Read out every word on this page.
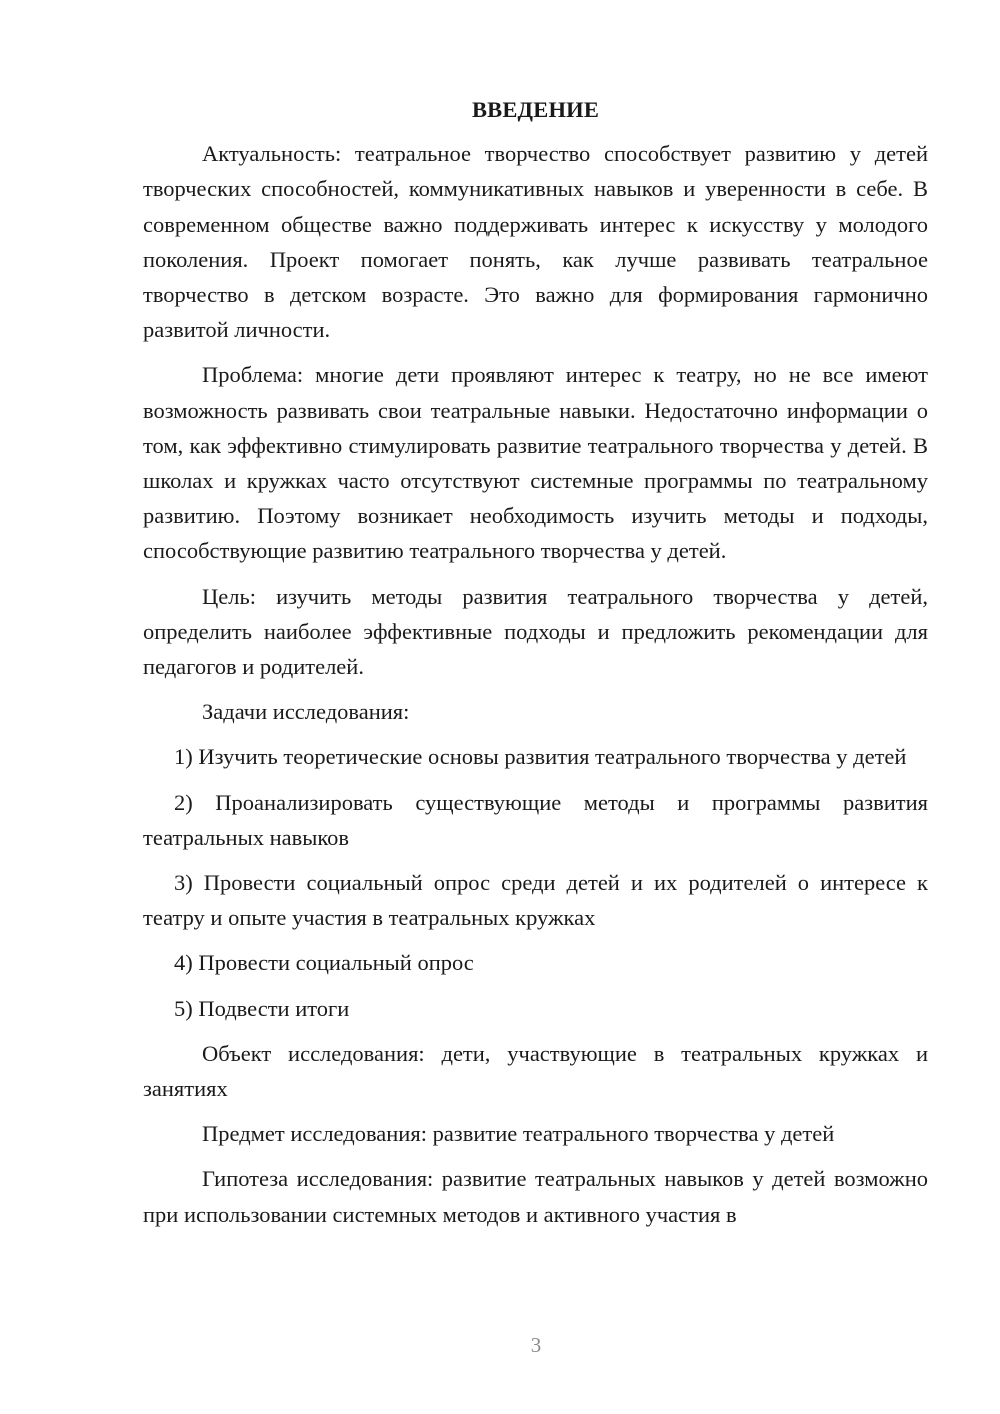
ВВЕДЕНИЕ

Актуальность: театральное творчество способствует развитию у детей творческих способностей, коммуникативных навыков и уверенности в себе. В современном обществе важно поддерживать интерес к искусству у молодого поколения. Проект помогает понять, как лучше развивать театральное творчество в детском возрасте. Это важно для формирования гармонично развитой личности.

Проблема: многие дети проявляют интерес к театру, но не все имеют возможность развивать свои театральные навыки. Недостаточно информации о том, как эффективно стимулировать развитие театрального творчества у детей. В школах и кружках часто отсутствуют системные программы по театральному развитию. Поэтому возникает необходимость изучить методы и подходы, способствующие развитию театрального творчества у детей.

Цель: изучить методы развития театрального творчества у детей, определить наиболее эффективные подходы и предложить рекомендации для педагогов и родителей.

Задачи исследования:

1) Изучить теоретические основы развития театрального творчества у детей

2) Проанализировать существующие методы и программы развития театральных навыков

3) Провести социальный опрос среди детей и их родителей о интересе к театру и опыте участия в театральных кружках

4) Провести социальный опрос

5) Подвести итоги

Объект исследования: дети, участвующие в театральных кружках и занятиях

Предмет исследования: развитие театрального творчества у детей

Гипотеза исследования: развитие театральных навыков у детей возможно при использовании системных методов и активного участия в

3
